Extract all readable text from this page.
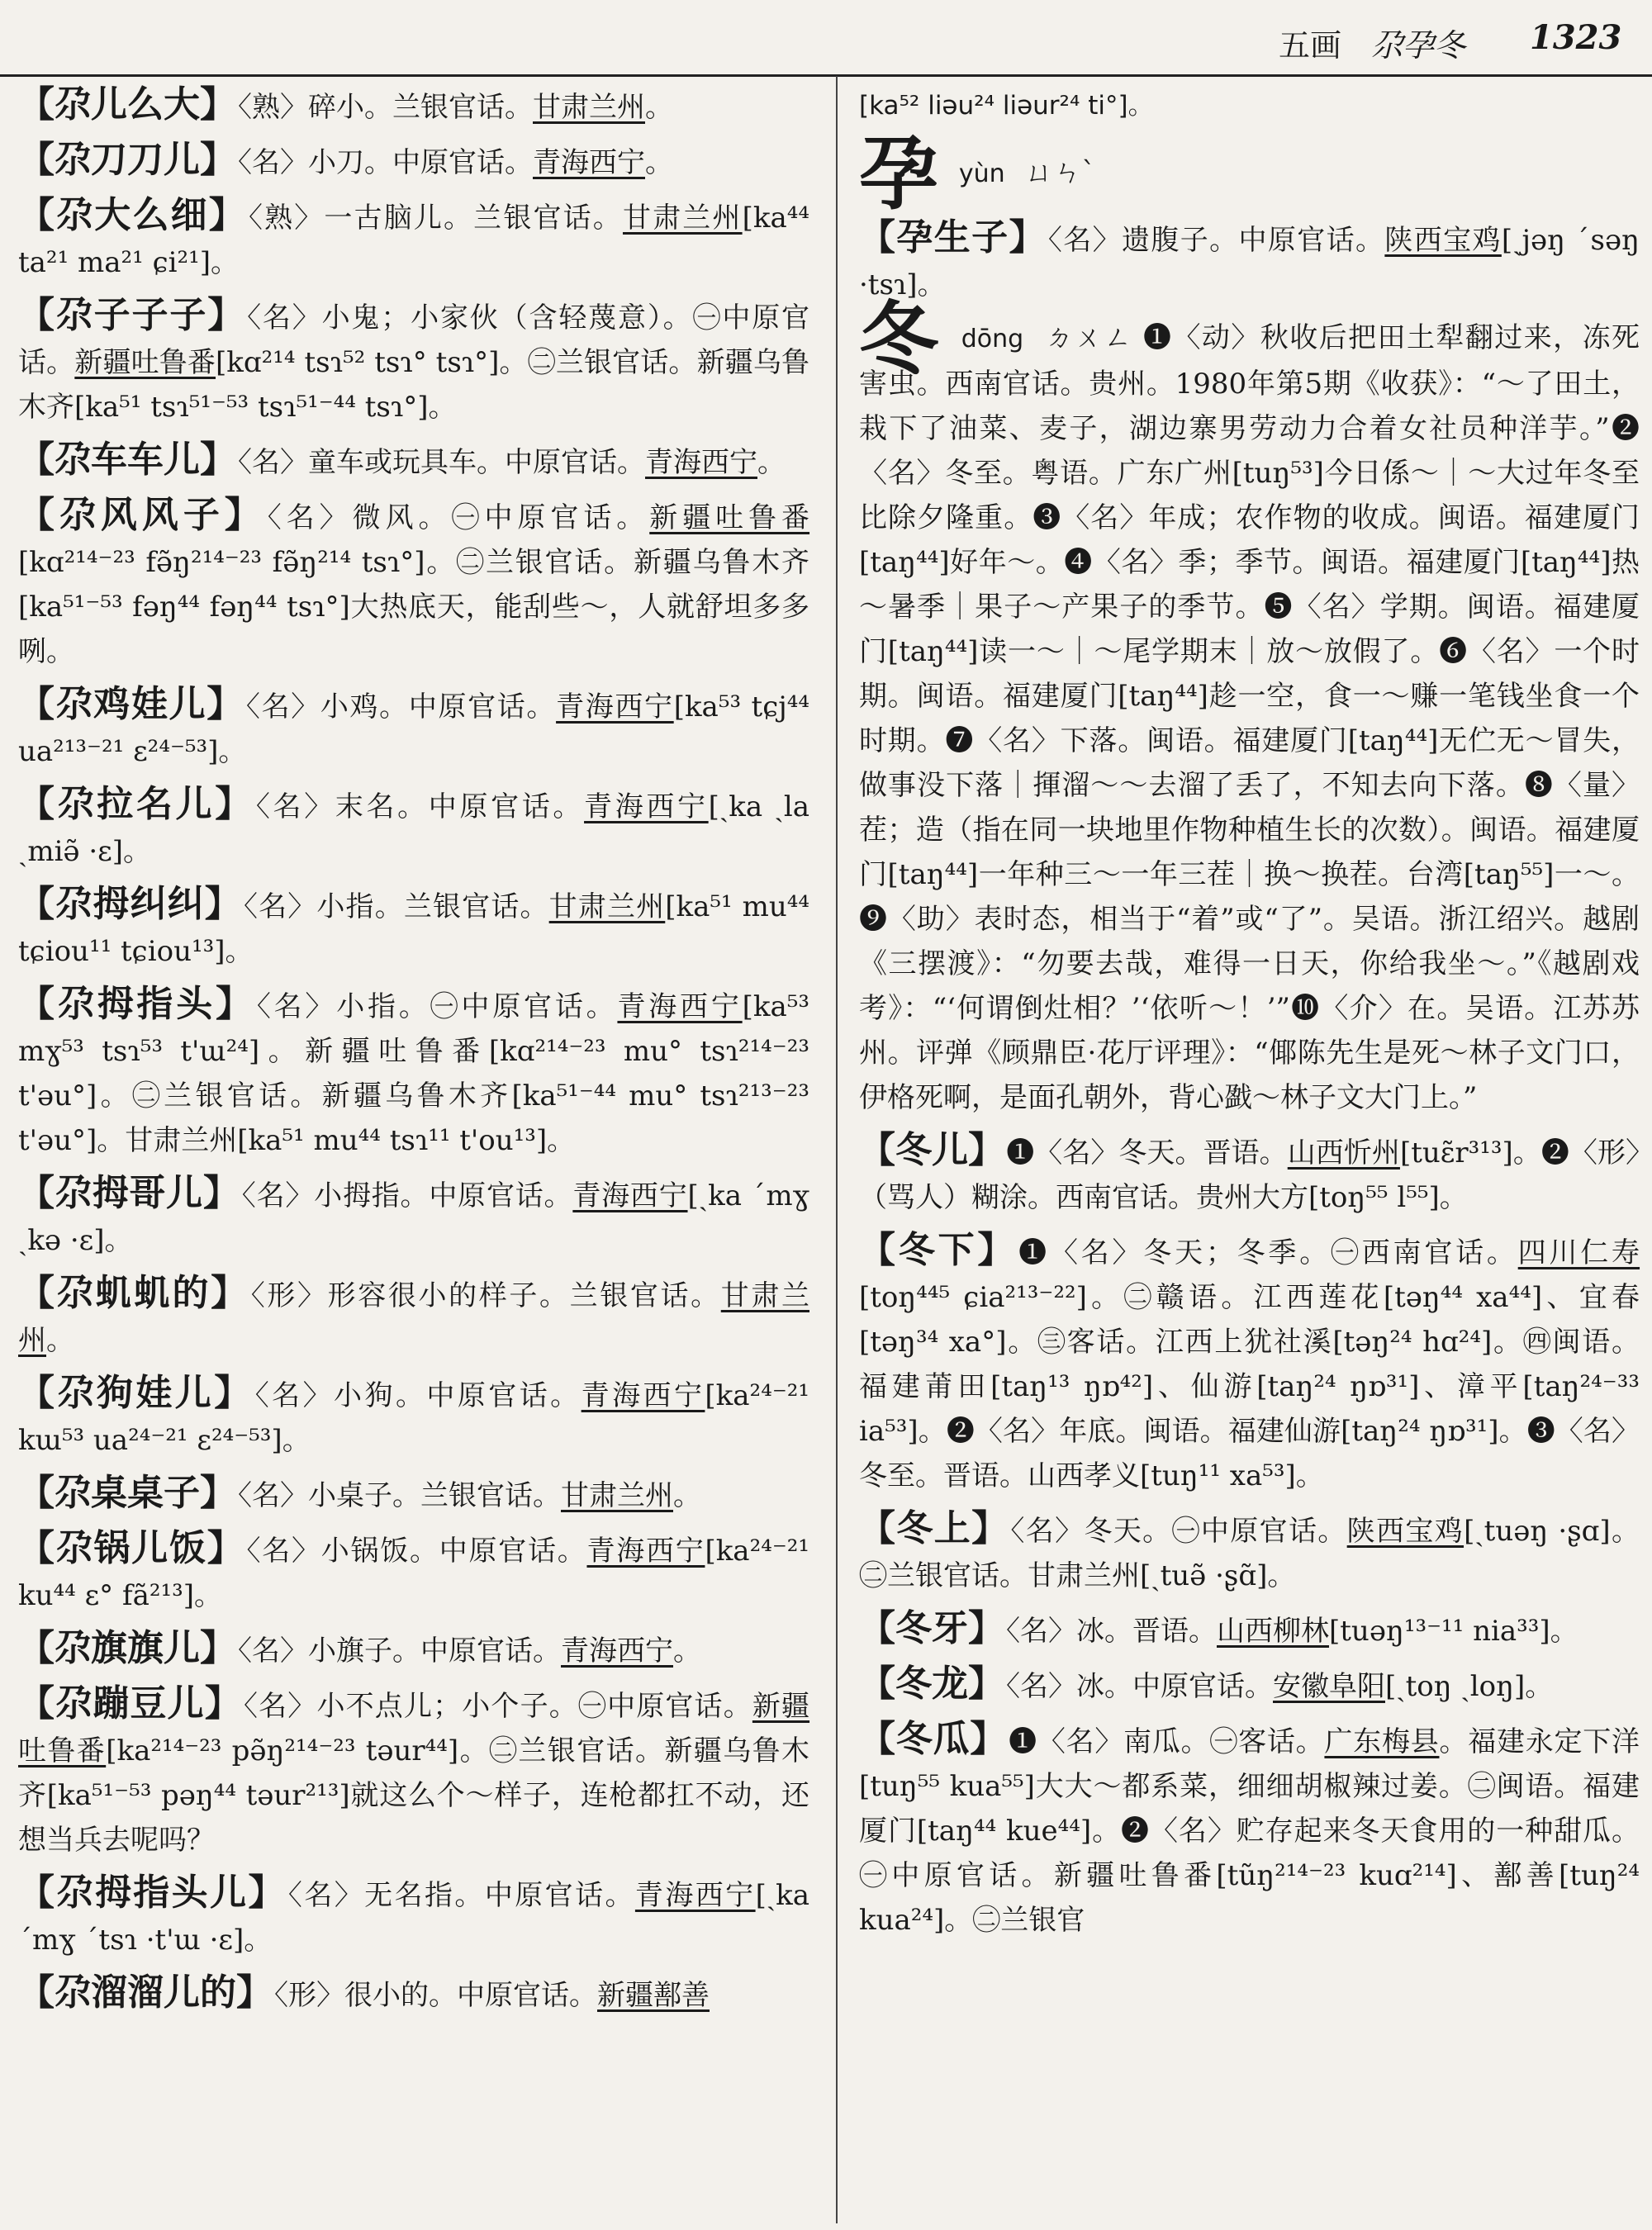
五画 尕孕冬 1323
【 尕儿么大 】 〈熟〉碎小。兰银官话。甘肃兰州。
【 尕刀刀儿 】 〈名〉小刀。中原官话。青海西宁。
【 尕大么细 】 〈熟〉一古脑儿。兰银官话。甘肃兰州[ka⁴⁴ ta²¹ ma²¹ ɕi²¹]。
【 尕子子子 】 〈名〉小鬼；小家伙（含轻蔑意）。㊀中原官话。新疆吐鲁番[kɑ²¹⁴ tsɿ⁵² tsɿ° tsɿ°]。㊁兰银官话。新疆乌鲁木齐[ka⁵¹ tsɿ⁵¹⁻⁵³ tsɿ⁵¹⁻⁴⁴ tsɿ°]。
【 尕车车儿 】 〈名〉童车或玩具车。中原官话。青海西宁。
【 尕风风子 】 〈名〉微风。㊀中原官话。新疆吐鲁番[kɑ²¹⁴⁻²³ fə̃ŋ²¹⁴⁻²³ fə̃ŋ²¹⁴ tsɿ°]。㊁兰银官话。新疆乌鲁木齐[ka⁵¹⁻⁵³ fəŋ⁴⁴ fəŋ⁴⁴ tsɿ°]大热底天，能刮些～，人就舒坦多多咧。
【 尕鸡娃儿 】 〈名〉小鸡。中原官话。青海西宁[ka⁵³ tɕj⁴⁴ ua²¹³⁻²¹ ɛ²⁴⁻⁵³]。
【 尕拉名儿 】 〈名〉末名。中原官话。青海西宁[ˏka ˏla ˏmiə̃ ·ɛ]。
【 尕拇纠纠 】 〈名〉小指。兰银官话。甘肃兰州[ka⁵¹ mu⁴⁴ tɕiou¹¹ tɕiou¹³]。
【 尕拇指头 】 〈名〉小指。㊀中原官话。青海西宁[ka⁵³ mɣ⁵³ tsɿ⁵³ t'ɯ²⁴]。新疆吐鲁番[kɑ²¹⁴⁻²³ mu° tsɿ²¹⁴⁻²³ t'əu°]。㊁兰银官话。新疆乌鲁木齐[ka⁵¹⁻⁴⁴ mu° tsɿ²¹³⁻²³ t'əu°]。甘肃兰州[ka⁵¹ mu⁴⁴ tsɿ¹¹ t'ou¹³]。
【 尕拇哥儿 】 〈名〉小拇指。中原官话。青海西宁[ˏka ˊmɣ ˏkə ·ɛ]。
【 尕虮虮的 】 〈形〉形容很小的样子。兰银官话。甘肃兰州。
【 尕狗娃儿 】 〈名〉小狗。中原官话。青海西宁[ka²⁴⁻²¹ kɯ⁵³ ua²⁴⁻²¹ ɛ²⁴⁻⁵³]。
【 尕桌桌子 】 〈名〉小桌子。兰银官话。甘肃兰州。
【 尕锅儿饭 】 〈名〉小锅饭。中原官话。青海西宁[ka²⁴⁻²¹ ku⁴⁴ ɛ° fã²¹³]。
【 尕旗旗儿 】 〈名〉小旗子。中原官话。青海西宁。
【 尕蹦豆儿 】 〈名〉小不点儿；小个子。㊀中原官话。新疆吐鲁番[ka²¹⁴⁻²³ pə̃ŋ²¹⁴⁻²³ təur⁴⁴]。㊁兰银官话。新疆乌鲁木齐[ka⁵¹⁻⁵³ pəŋ⁴⁴ təur²¹³]就这么个～样子，连枪都扛不动，还想当兵去呢吗？
【 尕拇指头儿 】 〈名〉无名指。中原官话。青海西宁[ˏka ˊmɣ ˊtsɿ ·t'ɯ ·ɛ]。
【 尕溜溜儿的 】 〈形〉很小的。中原官话。新疆鄯善
[ka⁵² liəu²⁴ liəur²⁴ ti°]。
孕 yùn ㄩㄣˋ
【 孕生子 】 〈名〉遗腹子。中原官话。陕西宝鸡[ˏjəŋ ˊsəŋ ·tsɿ]。
冬 dōng ㄉㄨㄥ ❶〈动〉秋收后把田土犁翻过来，冻死害虫。西南官话。贵州。1980年第5期《收获》：“～了田土，栽下了油菜、麦子，湖边寨男劳动力合着女社员种洋芋。”❷〈名〉冬至。粤语。广东广州[tuŋ⁵³]今日係～｜～大过年冬至比除夕隆重。❸〈名〉年成；农作物的收成。闽语。福建厦门[taŋ⁴⁴]好年～。❹〈名〉季；季节。闽语。福建厦门[taŋ⁴⁴]热～暑季｜果子～产果子的季节。❺〈名〉学期。闽语。福建厦门[taŋ⁴⁴]读一～｜～尾学期末｜放～放假了。❻〈名〉一个时期。闽语。福建厦门[taŋ⁴⁴]趁一空，食一～赚一笔钱坐食一个时期。❼〈名〉下落。闽语。福建厦门[taŋ⁴⁴]无伫无～冒失，做事没下落｜揮溜～～去溜了丢了，不知去向下落。❽〈量〉茬；造（指在同一块地里作物种植生长的次数）。闽语。福建厦门[taŋ⁴⁴]一年种三～一年三茬｜换～换茬。台湾[taŋ⁵⁵]一～。❾〈助〉表时态，相当于“着”或“了”。吴语。浙江绍兴。越剧《三摆渡》：“勿要去哉，难得一日天，你给我坐～。”《越剧戏考》：“‘何谓倒灶相？’‘依听～！’”❿〈介〉在。吴语。江苏苏州。评弹《顾鼎臣·花厅评理》：“倻陈先生是死～林子文门口，伊格死啊，是面孔朝外，背心戤～林子文大门上。”
【 冬儿 】 ❶〈名〉冬天。晋语。山西忻州[tuɛ̃r³¹³]。❷〈形〉（骂人）糊涂。西南官话。贵州大方[toŋ⁵⁵ l⁵⁵]。
【 冬下 】 ❶〈名〉冬天；冬季。㊀西南官话。四川仁寿[toŋ⁴⁴⁵ ɕia²¹³⁻²²]。㊁赣语。江西莲花[təŋ⁴⁴ xa⁴⁴]、宜春[təŋ³⁴ xa°]。㊂客话。江西上犹社溪[təŋ²⁴ hɑ²⁴]。㊃闽语。福建莆田[taŋ¹³ ŋɒ⁴²]、仙游[taŋ²⁴ ŋɒ³¹]、漳平[taŋ²⁴⁻³³ ia⁵³]。❷〈名〉年底。闽语。福建仙游[taŋ²⁴ ŋɒ³¹]。❸〈名〉冬至。晋语。山西孝义[tuŋ¹¹ xa⁵³]。
【 冬上 】 〈名〉冬天。㊀中原官话。陕西宝鸡[ˏtuəŋ ·ʂɑ]。㊁兰银官话。甘肃兰州[ˏtuə̃ ·ʂɑ̃]。
【 冬牙 】 〈名〉冰。晋语。山西柳林[tuəŋ¹³⁻¹¹ nia³³]。
【 冬龙 】 〈名〉冰。中原官话。安徽阜阳[ˏtoŋ ˏloŋ]。
【 冬瓜 】 ❶〈名〉南瓜。㊀客话。广东梅县。福建永定下洋[tuŋ⁵⁵ kua⁵⁵]大大～都系菜，细细胡椒辣过姜。㊁闽语。福建厦门[taŋ⁴⁴ kue⁴⁴]。❷〈名〉贮存起来冬天食用的一种甜瓜。㊀中原官话。新疆吐鲁番[tũŋ²¹⁴⁻²³ kuɑ²¹⁴]、鄯善[tuŋ²⁴ kua²⁴]。㊁兰银官
